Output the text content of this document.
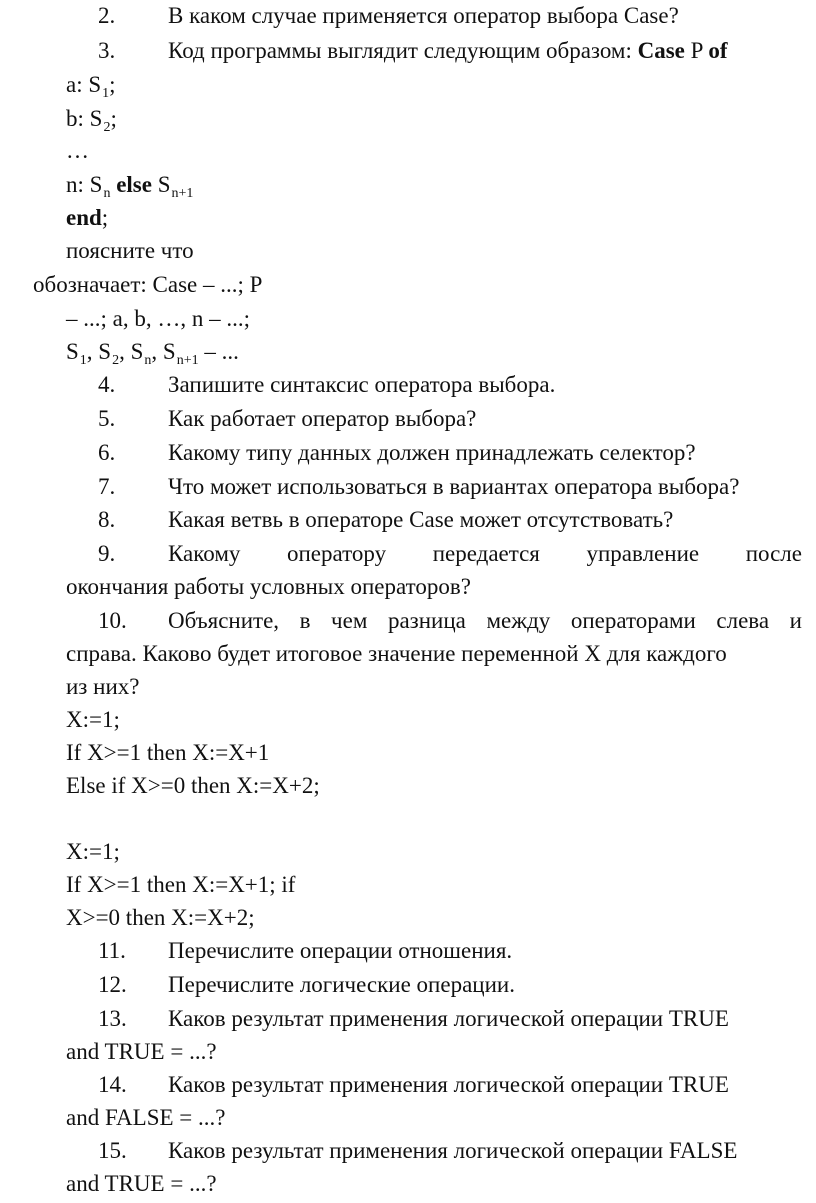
2. В каком случае применяется оператор выбора Case?
3. Код программы выглядит следующим образом: Case P of
a: $S_1$;
b: $S_2$;
…
n: $S_n$ else $S_{n+1}$
end;
поясните что
обозначает: Case – ...; P
– ...; a, b, …, n – ...;
$S_1$, $S_2$, $S_n$, $S_{n+1}$ – ...
4. Запишите синтаксис оператора выбора.
5. Как работает оператор выбора?
6. Какому типу данных должен принадлежать селектор?
7. Что может использоваться в вариантах оператора выбора?
8. Какая ветвь в операторе Case может отсутствовать?
9. Какому оператору передается управление после
окончания работы условных операторов?
10. Объясните, в чем разница между операторами слева и
справа. Каково будет итоговое значение переменной X для каждого
из них?
X:=1;
If X>=1 then X:=X+1
Else if X>=0 then X:=X+2;
X:=1;
If X>=1 then X:=X+1; if
X>=0 then X:=X+2;
11. Перечислите операции отношения.
12. Перечислите логические операции.
13. Каков результат применения логической операции TRUE
and TRUE = ...?
14. Каков результат применения логической операции TRUE
and FALSE = ...?
15. Каков результат применения логической операции FALSE
and TRUE = ...?
